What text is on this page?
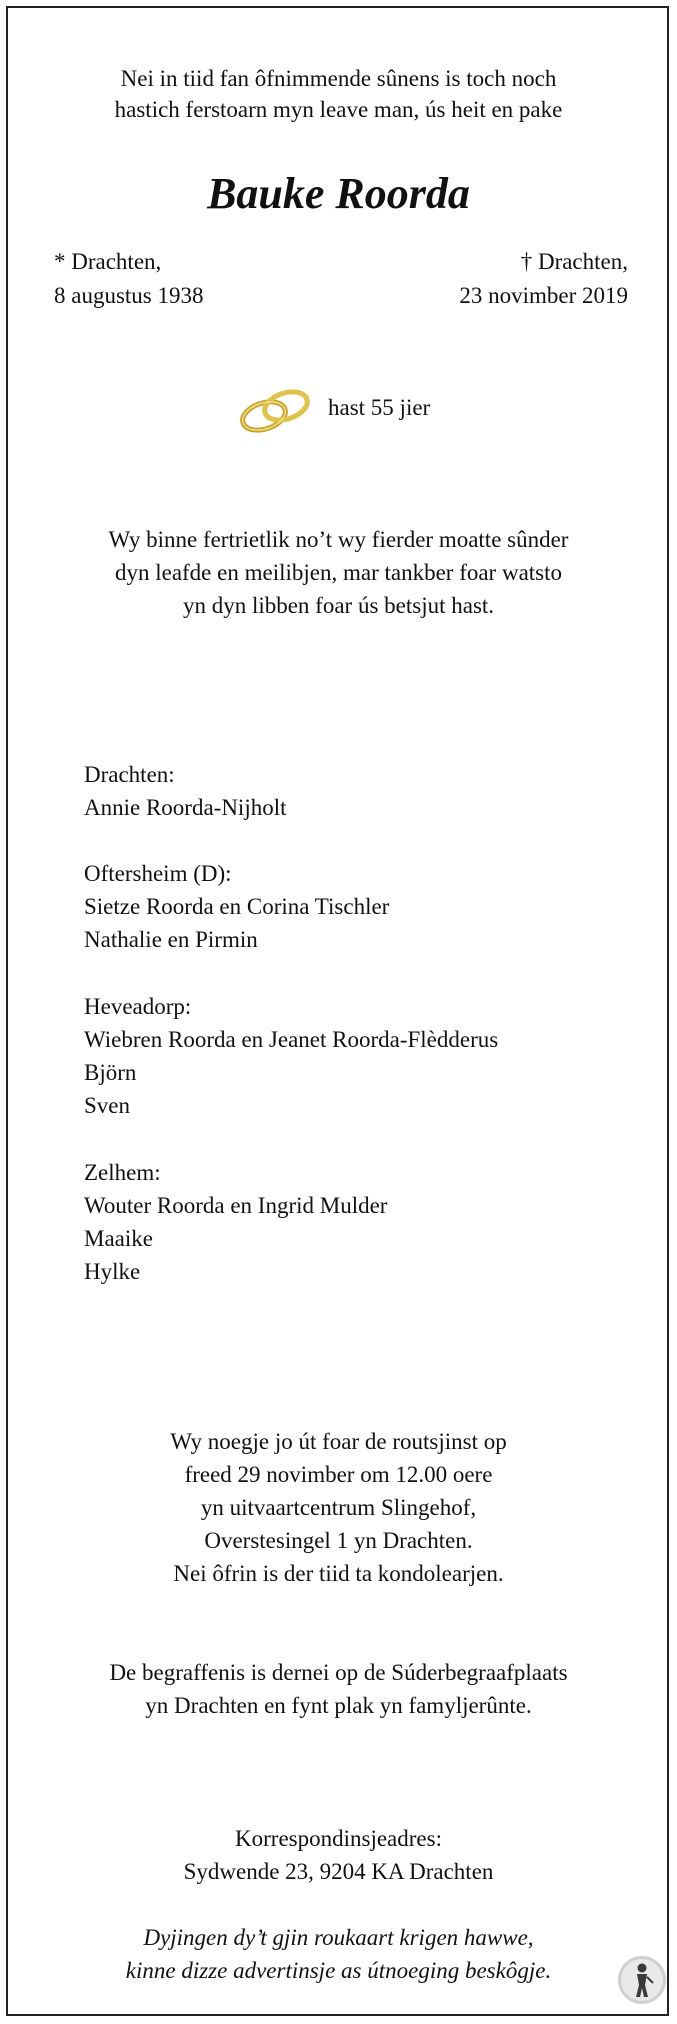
Nei in tiid fan ôfnimmende sûnens is toch noch
hastich ferstoarn myn leave man, ús heit en pake
Bauke Roorda
* Drachten,
8 augustus 1938
† Drachten,
23 novimber 2019
hast 55 jier
Wy binne fertrietlik no’t wy fierder moatte sûnder
dyn leafde en meilibjen, mar tankber foar watsto
yn dyn libben foar ús betsjut hast.
Drachten:
Annie Roorda-Nijholt
Oftersheim (D):
Sietze Roorda en Corina Tischler
Nathalie en Pirmin
Heveadorp:
Wiebren Roorda en Jeanet Roorda-Flèdderus
Björn
Sven
Zelhem:
Wouter Roorda en Ingrid Mulder
Maaike
Hylke
Wy noegje jo út foar de routsjinst op
freed 29 novimber om 12.00 oere
yn uitvaartcentrum Slingehof,
Overstesingel 1 yn Drachten.
Nei ôfrin is der tiid ta kondolearjen.
De begraffenis is dernei op de Súderbegraafplaats
yn Drachten en fynt plak yn famyljerûnte.
Korrespondinsjeadres:
Sydwende 23, 9204 KA Drachten
Dyjingen dy’t gjin roukaart krigen hawwe,
kinne dizze advertinsje as útnoeging beskôgje.
